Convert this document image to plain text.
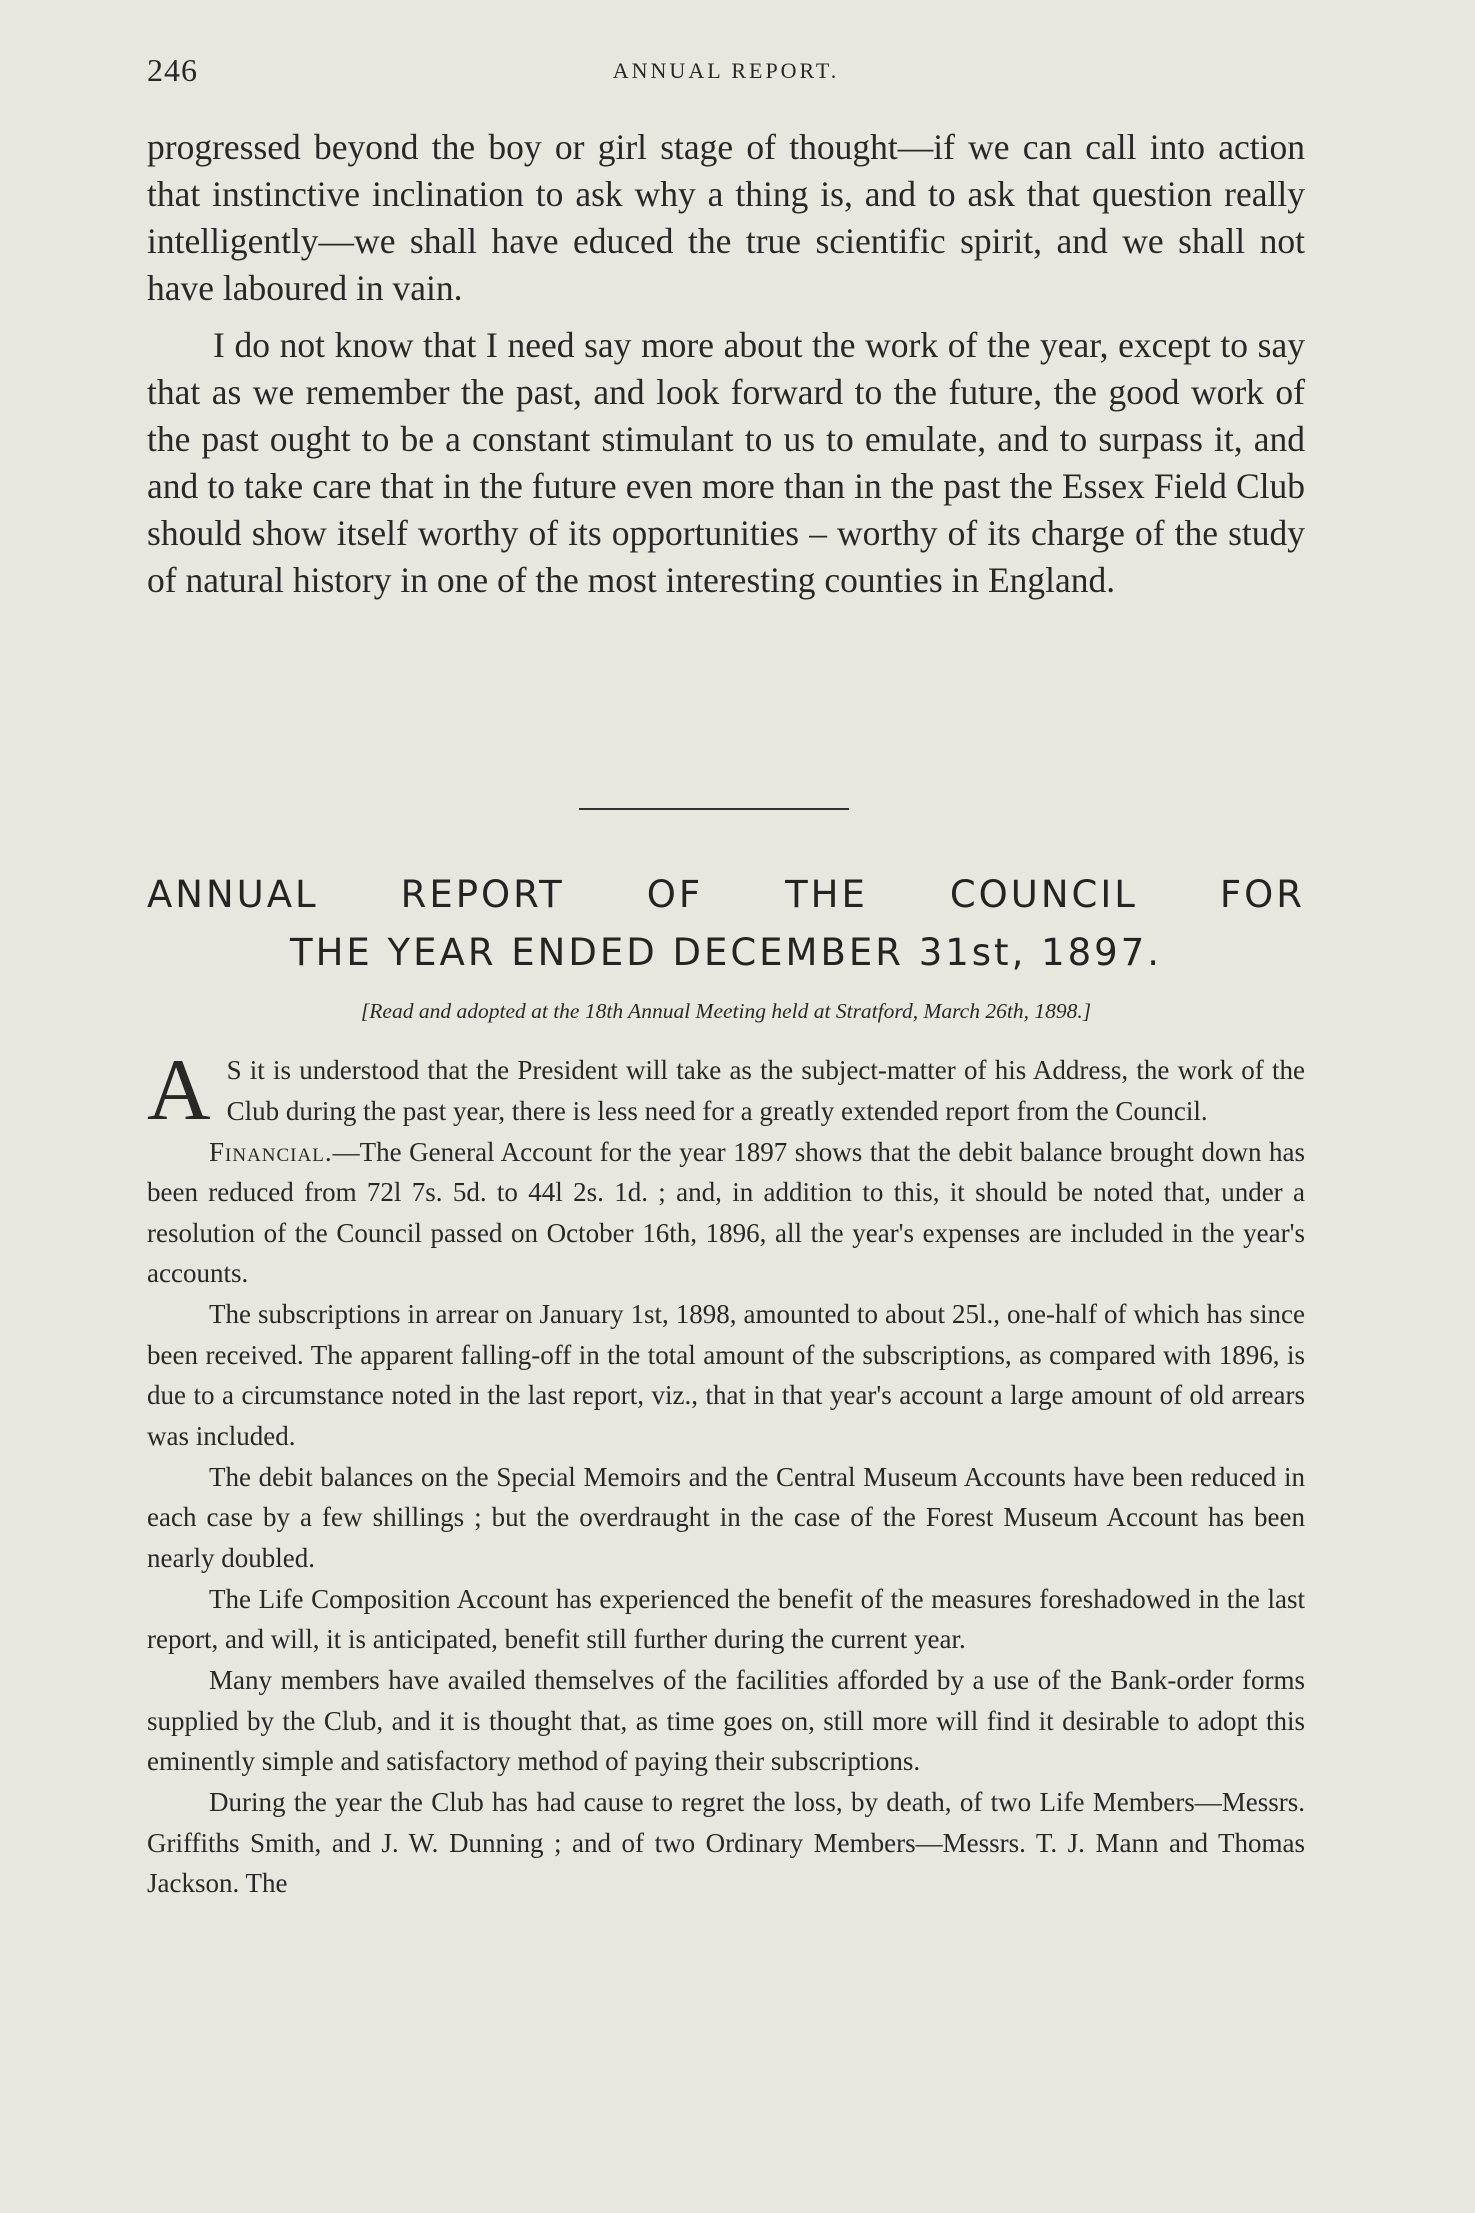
246	ANNUAL REPORT.

progressed beyond the boy or girl stage of thought—if we can call into action that instinctive inclination to ask why a thing is, and to ask that question really intelligently—we shall have educed the true scientific spirit, and we shall not have laboured in vain.

I do not know that I need say more about the work of the year, except to say that as we remember the past, and look forward to the future, the good work of the past ought to be a constant stimulant to us to emulate, and to surpass it, and and to take care that in the future even more than in the past the Essex Field Club should show itself worthy of its opportunities – worthy of its charge of the study of natural history in one of the most interesting counties in England.

ANNUAL REPORT OF THE COUNCIL FOR
THE YEAR ENDED DECEMBER 31st, 1897.
[Read and adopted at the 18th Annual Meeting held at Stratford, March 26th, 1898.]

A S it is understood that the President will take as the subject-matter of his Address, the work of the Club during the past year, there is less need for a greatly extended report from the Council.

Financial.—The General Account for the year 1897 shows that the debit balance brought down has been reduced from 72l 7s. 5d. to 44l 2s. 1d. ; and, in addition to this, it should be noted that, under a resolution of the Council passed on October 16th, 1896, all the year's expenses are included in the year's accounts.

The subscriptions in arrear on January 1st, 1898, amounted to about 25l., one-half of which has since been received. The apparent falling-off in the total amount of the subscriptions, as compared with 1896, is due to a circumstance noted in the last report, viz., that in that year's account a large amount of old arrears was included.

The debit balances on the Special Memoirs and the Central Museum Accounts have been reduced in each case by a few shillings ; but the overdraught in the case of the Forest Museum Account has been nearly doubled.

The Life Composition Account has experienced the benefit of the measures foreshadowed in the last report, and will, it is anticipated, benefit still further during the current year.

Many members have availed themselves of the facilities afforded by a use of the Bank-order forms supplied by the Club, and it is thought that, as time goes on, still more will find it desirable to adopt this eminently simple and satisfactory method of paying their subscriptions.

During the year the Club has had cause to regret the loss, by death, of two Life Members—Messrs. Griffiths Smith, and J. W. Dunning ; and of two Ordinary Members—Messrs. T. J. Mann and Thomas Jackson. The
